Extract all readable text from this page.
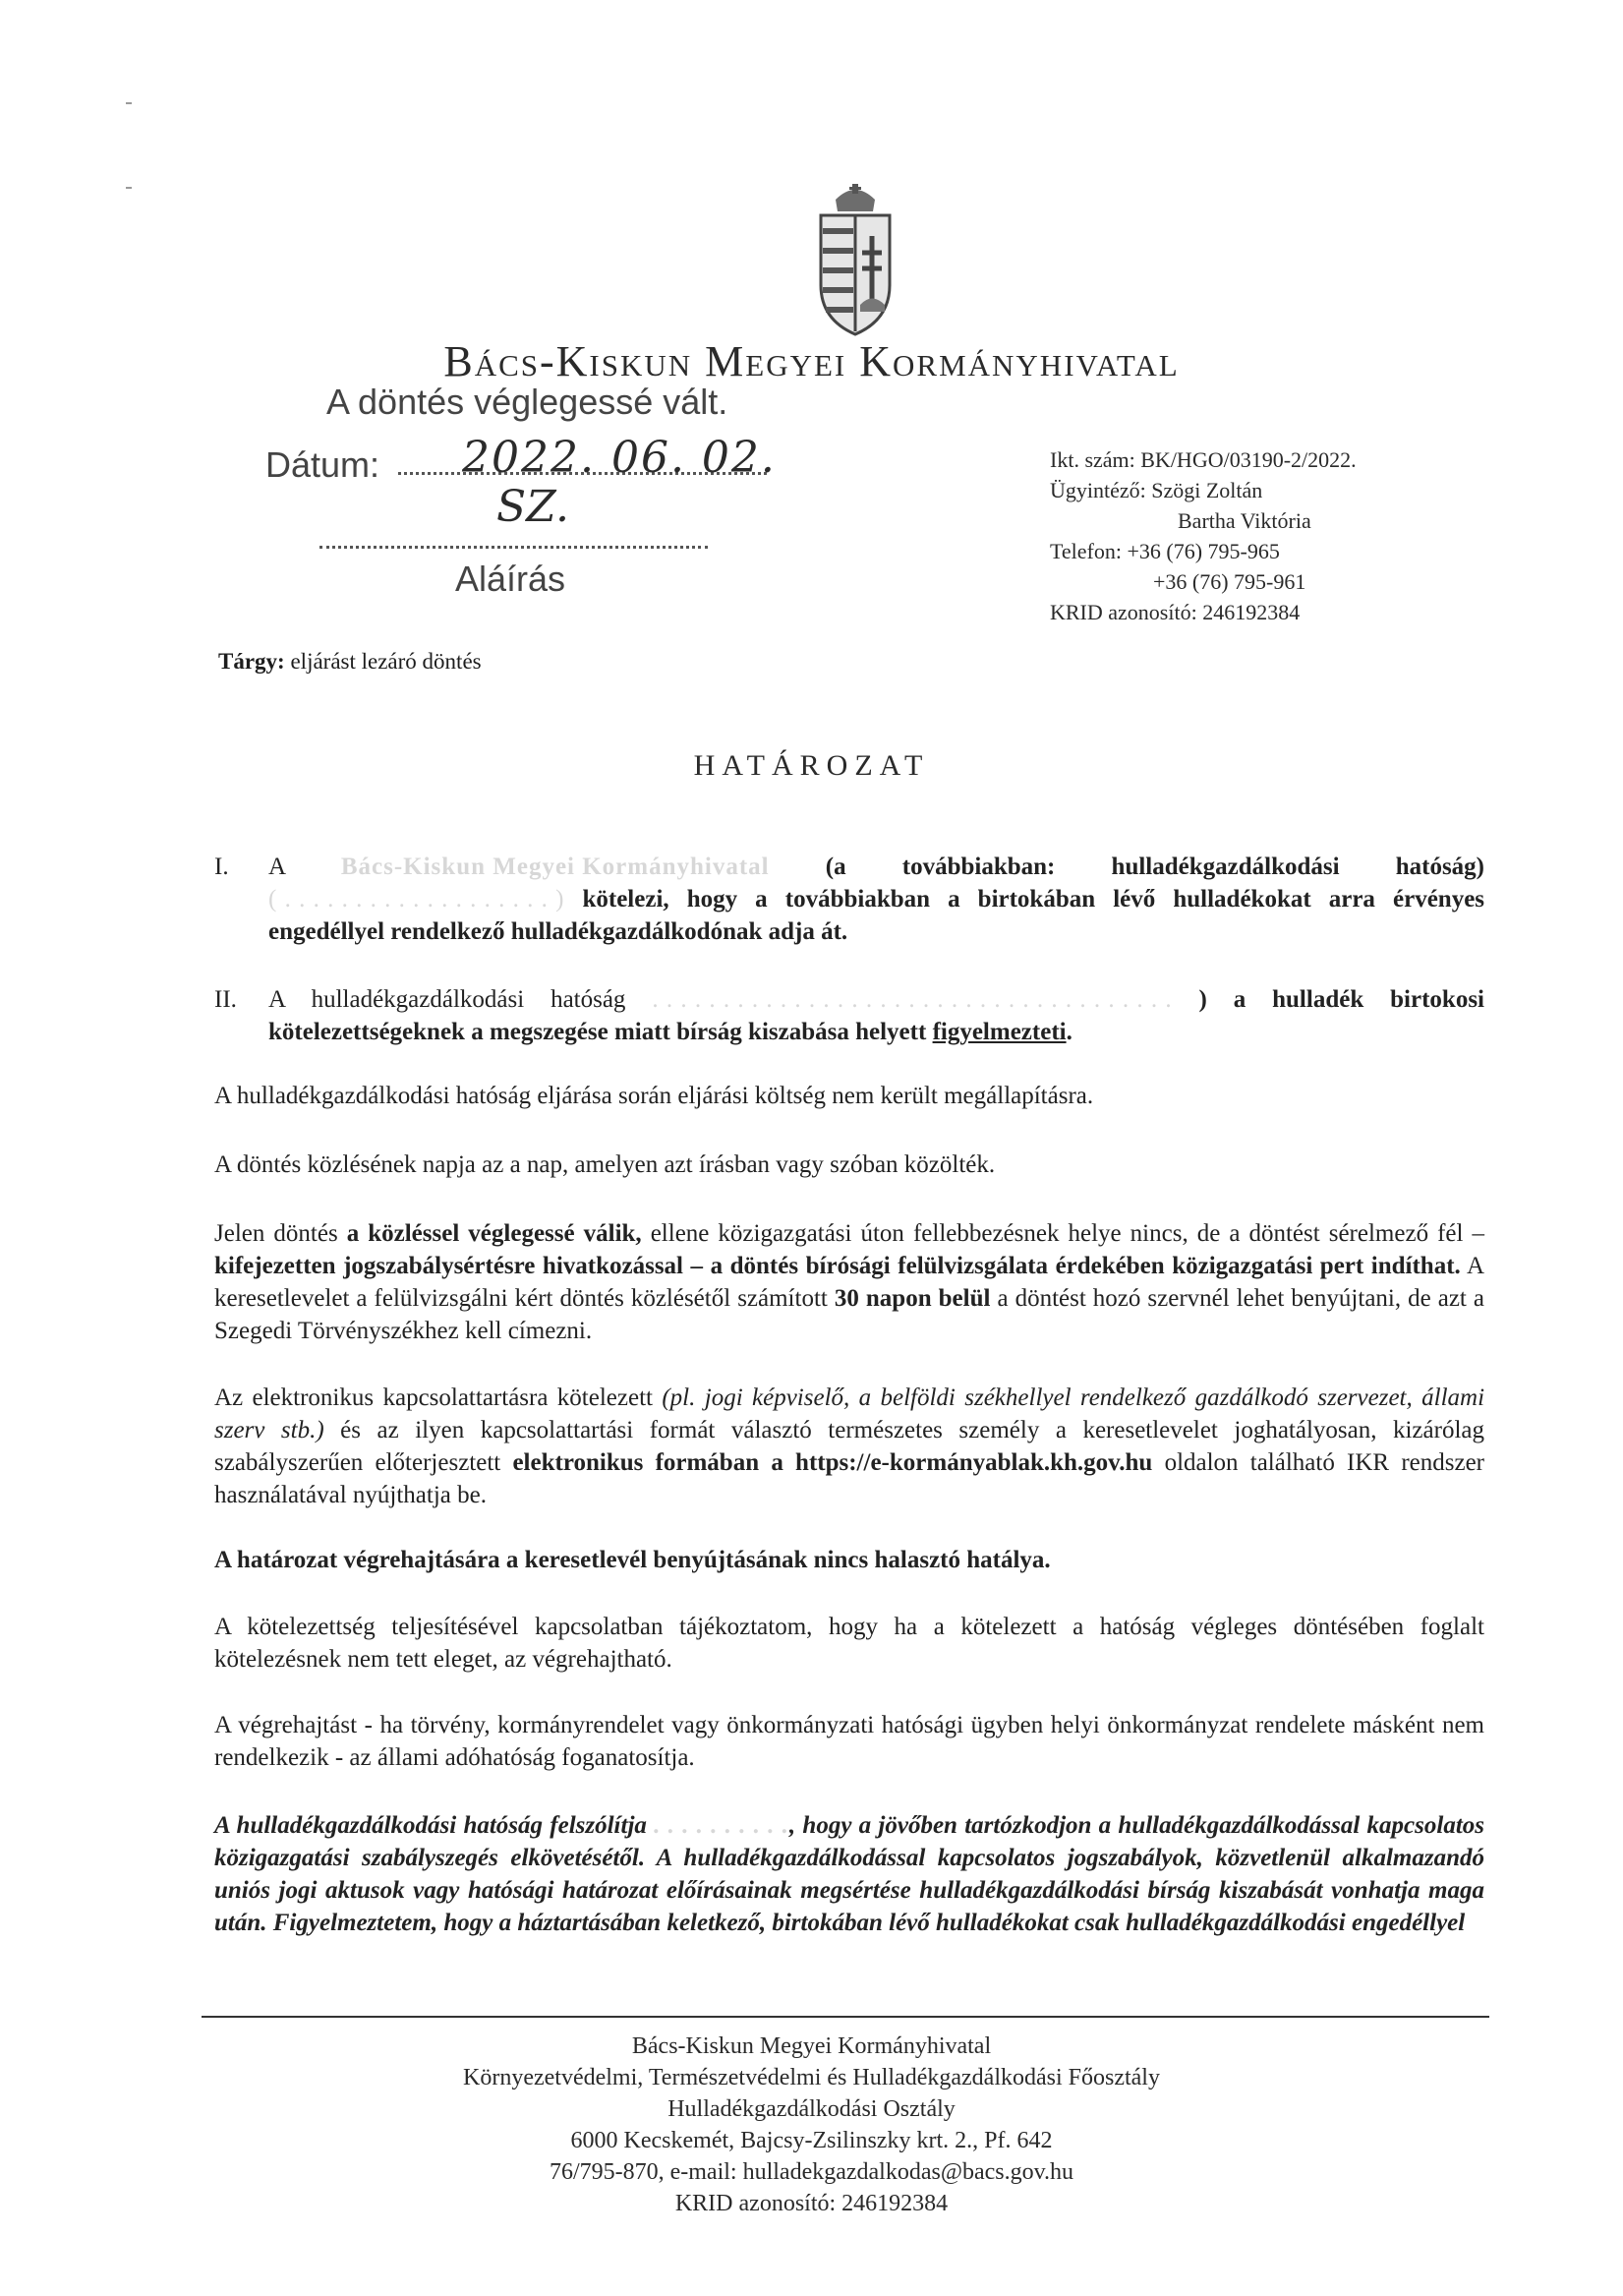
Bács-Kiskun Megyei Kormányhivatal
A döntés véglegessé vált.
Dátum: 2022. 06. 02.
SZ.
Aláírás
Ikt. szám: BK/HGO/03190-2/2022.
Ügyintéző: Szögi Zoltán
Bartha Viktória
Telefon: +36 (76) 795-965
+36 (76) 795-961
KRID azonosító: 246192384
Tárgy: eljárást lezáró döntés
HATÁROZAT
I.	A Bács-Kiskun Megyei Kormányhivatal (a továbbiakban: hulladékgazdálkodási hatóság) ( . . . . . . . . . . . . . . . . . . . ) kötelezi, hogy a továbbiakban a birtokában lévő hulladékokat arra érvényes engedéllyel rendelkező hulladékgazdálkodónak adja át.
II.	A hulladékgazdálkodási hatóság . . . . . . . . . . . . . . . . . . . . . . . . . . . . . . . . . . . . . ) a hulladék birtokosi kötelezettségeknek a megszegése miatt bírság kiszabása helyett figyelmezteti.
A hulladékgazdálkodási hatóság eljárása során eljárási költség nem került megállapításra.
A döntés közlésének napja az a nap, amelyen azt írásban vagy szóban közölték.
Jelen döntés a közléssel véglegessé válik, ellene közigazgatási úton fellebbezésnek helye nincs, de a döntést sérelmező fél – kifejezetten jogszabálysértésre hivatkozással – a döntés bírósági felülvizsgálata érdekében közigazgatási pert indíthat. A keresetlevelet a felülvizsgálni kért döntés közlésétől számított 30 napon belül a döntést hozó szervnél lehet benyújtani, de azt a Szegedi Törvényszékhez kell címezni.
Az elektronikus kapcsolattartásra kötelezett (pl. jogi képviselő, a belföldi székhellyel rendelkező gazdálkodó szervezet, állami szerv stb.) és az ilyen kapcsolattartási formát választó természetes személy a keresetlevelet joghatályosan, kizárólag szabályszerűen előterjesztett elektronikus formában a https://e-kormányablak.kh.gov.hu oldalon található IKR rendszer használatával nyújthatja be.
A határozat végrehajtására a keresetlevél benyújtásának nincs halasztó hatálya.
A kötelezettség teljesítésével kapcsolatban tájékoztatom, hogy ha a kötelezett a hatóság végleges döntésében foglalt kötelezésnek nem tett eleget, az végrehajtható.
A végrehajtást - ha törvény, kormányrendelet vagy önkormányzati hatósági ügyben helyi önkormányzat rendelete másként nem rendelkezik - az állami adóhatóság foganatosítja.
A hulladékgazdálkodási hatóság felszólítja . . . . . . . . . ., hogy a jövőben tartózkodjon a hulladékgazdálkodással kapcsolatos közigazgatási szabályszegés elkövetésétől. A hulladékgazdálkodással kapcsolatos jogszabályok, közvetlenül alkalmazandó uniós jogi aktusok vagy hatósági határozat előírásainak megsértése hulladékgazdálkodási bírság kiszabását vonhatja maga után. Figyelmeztetem, hogy a háztartásában keletkező, birtokában lévő hulladékokat csak hulladékgazdálkodási engedéllyel
Bács-Kiskun Megyei Kormányhivatal
Környezetvédelmi, Természetvédelmi és Hulladékgazdálkodási Főosztály
Hulladékgazdálkodási Osztály
6000 Kecskemét, Bajcsy-Zsilinszky krt. 2., Pf. 642
76/795-870, e-mail: hulladekgazdalkodas@bacs.gov.hu
KRID azonosító: 246192384
